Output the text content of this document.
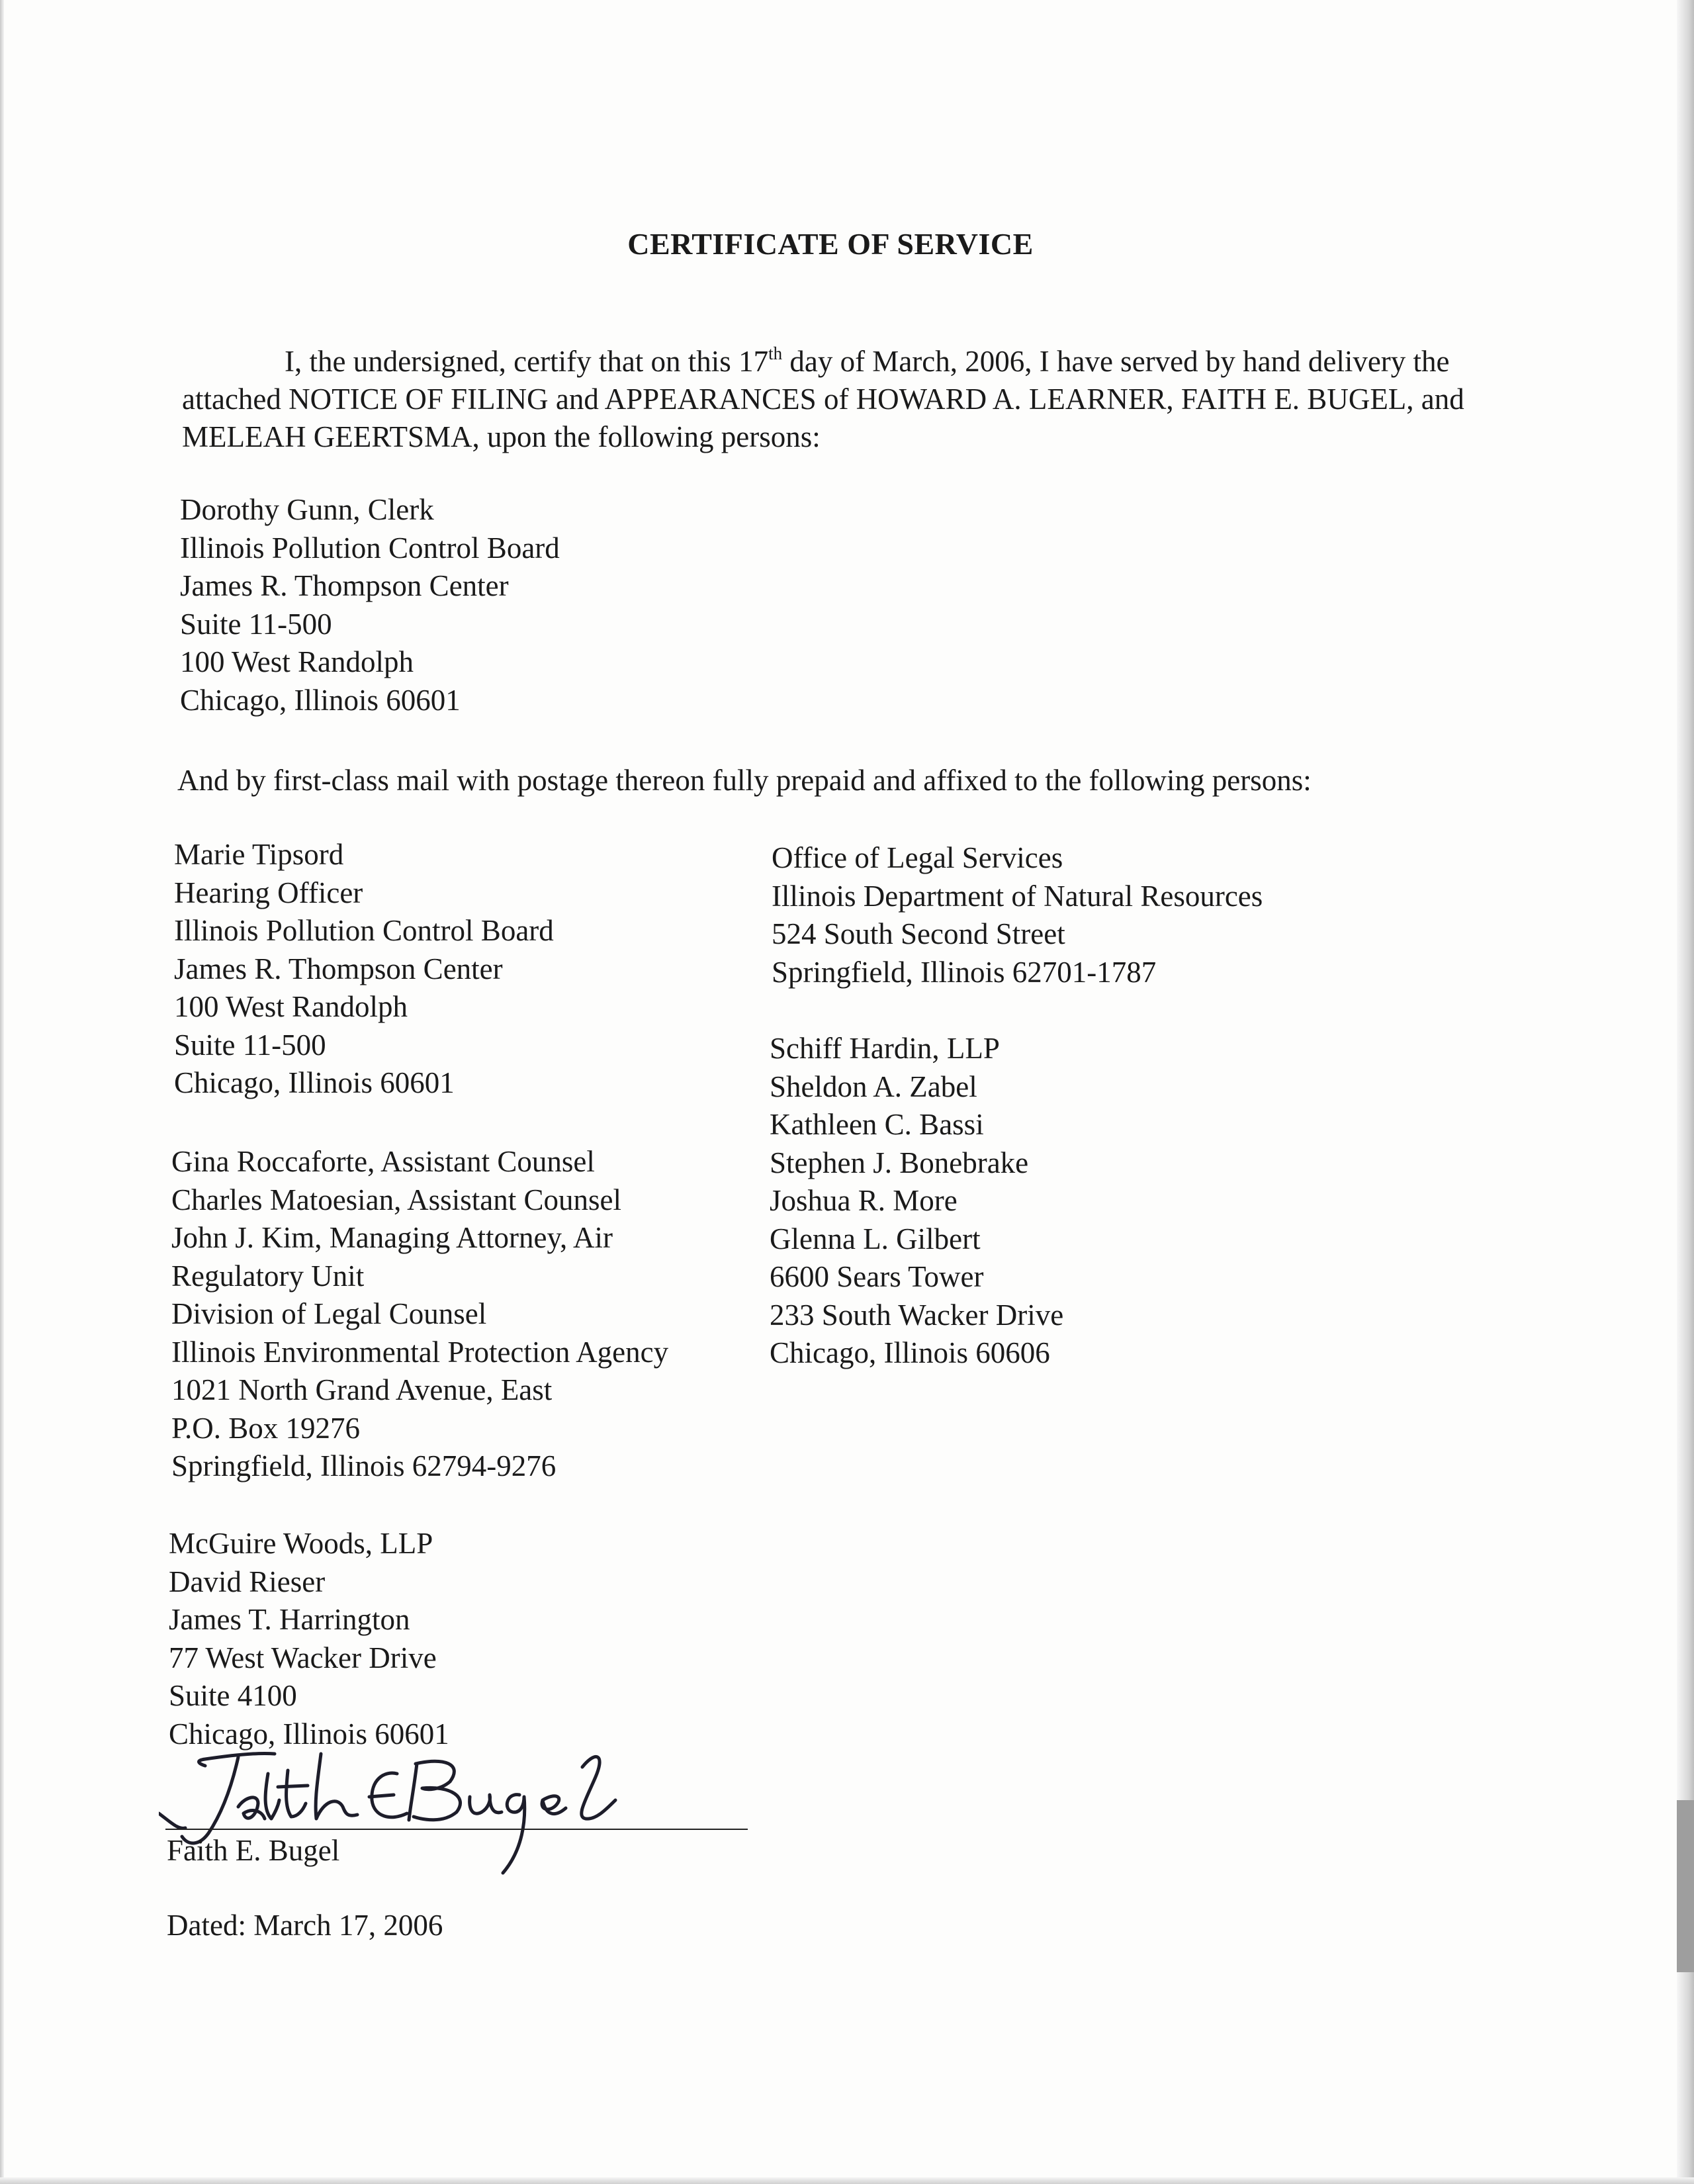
CERTIFICATE OF SERVICE
I, the undersigned, certify that on this 17th day of March, 2006, I have served by hand delivery the attached NOTICE OF FILING and APPEARANCES of HOWARD A. LEARNER, FAITH E. BUGEL, and MELEAH GEERTSMA, upon the following persons:
Dorothy Gunn, Clerk
Illinois Pollution Control Board
James R. Thompson Center
Suite 11-500
100 West Randolph
Chicago, Illinois 60601
And by first-class mail with postage thereon fully prepaid and affixed to the following persons:
Marie Tipsord
Hearing Officer
Illinois Pollution Control Board
James R. Thompson Center
100 West Randolph
Suite 11-500
Chicago, Illinois 60601
Gina Roccaforte, Assistant Counsel
Charles Matoesian, Assistant Counsel
John J. Kim, Managing Attorney, Air
Regulatory Unit
Division of Legal Counsel
Illinois Environmental Protection Agency
1021 North Grand Avenue, East
P.O. Box 19276
Springfield, Illinois 62794-9276
McGuire Woods, LLP
David Rieser
James T. Harrington
77 West Wacker Drive
Suite 4100
Chicago, Illinois 60601
Office of Legal Services
Illinois Department of Natural Resources
524 South Second Street
Springfield, Illinois 62701-1787
Schiff Hardin, LLP
Sheldon A. Zabel
Kathleen C. Bassi
Stephen J. Bonebrake
Joshua R. More
Glenna L. Gilbert
6600 Sears Tower
233 South Wacker Drive
Chicago, Illinois 60606
Faith E. Bugel
Dated: March 17, 2006
